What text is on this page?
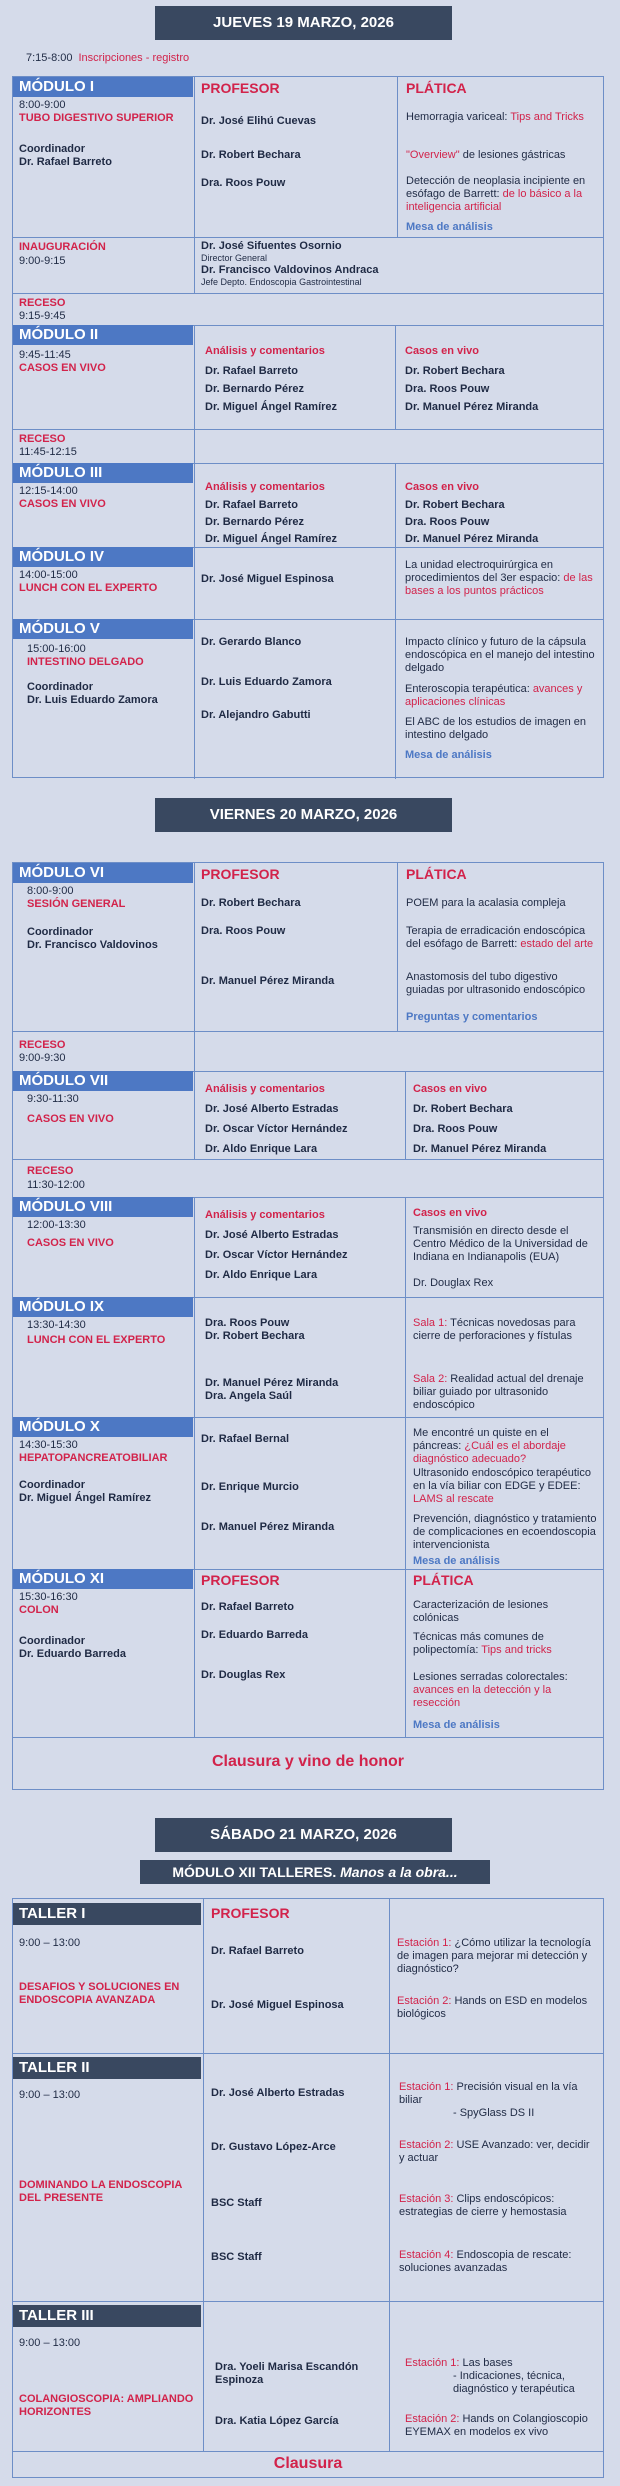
JUEVES 19 MARZO, 2026
7:15-8:00 Inscripciones - registro
MÓDULO I
8:00-9:00
TUBO DIGESTIVO SUPERIOR
Coordinador
Dr. Rafael Barreto
PROFESOR
Dr. José Elihú Cuevas
Dr. Robert Bechara
Dra. Roos Pouw
PLÁTICA
Hemorragia variceal: Tips and Tricks
"Overview" de lesiones gástricas
Detección de neoplasia incipiente en esófago de Barrett: de lo básico a la inteligencia artificial
Mesa de análisis
INAUGURACIÓN
9:00-9:15
Dr. José Sifuentes Osornio
Director General
Dr. Francisco Valdovinos Andraca
Jefe Depto. Endoscopia Gastrointestinal
RECESO
9:15-9:45
MÓDULO II
9:45-11:45
CASOS EN VIVO
Análisis y comentarios
Dr. Rafael Barreto
Dr. Bernardo Pérez
Dr. Miguel Ángel Ramírez
Casos en vivo
Dr. Robert Bechara
Dra. Roos Pouw
Dr. Manuel Pérez Miranda
RECESO
11:45-12:15
MÓDULO III
12:15-14:00
CASOS EN VIVO
Análisis y comentarios
Dr. Rafael Barreto
Dr. Bernardo Pérez
Dr. Miguel Ángel Ramírez
Casos en vivo
Dr. Robert Bechara
Dra. Roos Pouw
Dr. Manuel Pérez Miranda
MÓDULO IV
14:00-15:00
LUNCH CON EL EXPERTO
Dr. José Miguel Espinosa
La unidad electroquirúrgica en procedimientos del 3er espacio: de las bases a los puntos prácticos
MÓDULO V
15:00-16:00
INTESTINO DELGADO
Coordinador
Dr. Luis Eduardo Zamora
Dr. Gerardo Blanco
Dr. Luis Eduardo Zamora
Dr. Alejandro Gabutti
Impacto clínico y futuro de la cápsula endoscópica en el manejo del intestino delgado
Enteroscopia terapéutica: avances y aplicaciones clínicas
El ABC de los estudios de imagen en intestino delgado
Mesa de análisis
VIERNES 20 MARZO, 2026
MÓDULO VI
8:00-9:00
SESIÓN GENERAL
Coordinador
Dr. Francisco Valdovinos
PROFESOR
Dr. Robert Bechara
Dra. Roos Pouw
Dr. Manuel Pérez Miranda
PLÁTICA
POEM para la acalasia compleja
Terapia de erradicación endoscópica del esófago de Barrett: estado del arte
Anastomosis del tubo digestivo guiadas por ultrasonido endoscópico
Preguntas y comentarios
RECESO
9:00-9:30
MÓDULO VII
9:30-11:30
CASOS EN VIVO
Análisis y comentarios
Dr. José Alberto Estradas
Dr. Oscar Víctor Hernández
Dr. Aldo Enrique Lara
Casos en vivo
Dr. Robert Bechara
Dra. Roos Pouw
Dr. Manuel Pérez Miranda
RECESO
11:30-12:00
MÓDULO VIII
12:00-13:30
CASOS EN VIVO
Análisis y comentarios
Dr. José Alberto Estradas
Dr. Oscar Víctor Hernández
Dr. Aldo Enrique Lara
Casos en vivo
Transmisión en directo desde el Centro Médico de la Universidad de Indiana en Indianapolis (EUA)
Dr. Douglax Rex
MÓDULO IX
13:30-14:30
LUNCH CON EL EXPERTO
Dra. Roos Pouw
Dr. Robert Bechara
Dr. Manuel Pérez Miranda
Dra. Angela Saúl
Sala 1: Técnicas novedosas para cierre de perforaciones y fístulas
Sala 2: Realidad actual del drenaje biliar guiado por ultrasonido endoscópico
MÓDULO X
14:30-15:30
HEPATOPANCREATOBILIAR
Coordinador
Dr. Miguel Ángel Ramírez
Dr. Rafael Bernal
Dr. Enrique Murcio
Dr. Manuel Pérez Miranda
Me encontré un quiste en el páncreas: ¿Cuál es el abordaje diagnóstico adecuado?
Ultrasonido endoscópico terapéutico en la vía biliar con EDGE y EDEE: LAMS al rescate
Prevención, diagnóstico y tratamiento de complicaciones en ecoendoscopia intervencionista
Mesa de análisis
MÓDULO XI
15:30-16:30
COLON
Coordinador
Dr. Eduardo Barreda
PROFESOR
Dr. Rafael Barreto
Dr. Eduardo Barreda
Dr. Douglas Rex
PLÁTICA
Caracterización de lesiones colónicas
Técnicas más comunes de polipectomía: Tips and tricks
Lesiones serradas colorectales: avances en la detección y la resección
Mesa de análisis
Clausura y vino de honor
SÁBADO 21 MARZO, 2026
MÓDULO XII TALLERES. Manos a la obra...
TALLER I
9:00 – 13:00
DESAFIOS Y SOLUCIONES EN ENDOSCOPIA AVANZADA
PROFESOR
Dr. Rafael Barreto
Dr. José Miguel Espinosa
Estación 1: ¿Cómo utilizar la tecnología de imagen para mejorar mi detección y diagnóstico?
Estación 2: Hands on ESD en modelos biológicos
TALLER II
9:00 – 13:00
DOMINANDO LA ENDOSCOPIA DEL PRESENTE
Dr. José Alberto Estradas
Dr. Gustavo López-Arce
BSC Staff
BSC Staff
Estación 1: Precisión visual en la vía biliar
- SpyGlass DS II
Estación 2: USE Avanzado: ver, decidir y actuar
Estación 3: Clips endoscópicos: estrategias de cierre y hemostasia
Estación 4: Endoscopia de rescate: soluciones avanzadas
TALLER III
9:00 – 13:00
COLANGIOSCOPIA: AMPLIANDO HORIZONTES
Dra. Yoeli Marisa Escandón Espinoza
Dra. Katia López García
Estación 1: Las bases
- Indicaciones, técnica, diagnóstico y terapéutica
Estación 2: Hands on Colangioscopio EYEMAX en modelos ex vivo
Clausura
